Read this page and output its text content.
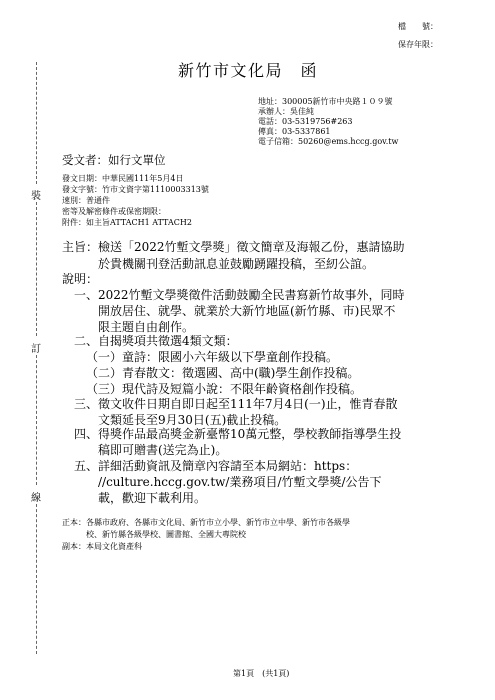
檔　　號：
保存年限：
新竹市文化局　函
地址：300005新竹市中央路１０９號
承辦人：吳佳純
電話：03-5319756#263
傳真：03-5337861
電子信箱：50260@ems.hccg.gov.tw
受文者：如行文單位
發文日期：中華民國111年5月4日
發文字號：竹市文資字第1110003313號
速別：普通件
密等及解密條件或保密期限：
附件：如主旨ATTACH1 ATTACH2
主旨： 檢送「2022竹塹文學獎」徵文簡章及海報乙份，惠請協助
於貴機關刊登活動訊息並鼓勵踴躍投稿，至紉公誼。
說明：
一、2022竹塹文學獎徵件活動鼓勵全民書寫新竹故事外，同時
開放居住、就學、就業於大新竹地區(新竹縣、市)民眾不
限主題自由創作。
二、自揭獎項共徵選4類文類：
（一）童詩：限國小六年級以下學童創作投稿。
（二）青春散文：徵選國、高中(職)學生創作投稿。
（三）現代詩及短篇小說：不限年齡資格創作投稿。
三、徵文收件日期自即日起至111年7月4日(一)止，惟青春散
文類延長至9月30日(五)截止投稿。
四、得獎作品最高獎金新臺幣10萬元整，學校教師指導學生投
稿即可贈書(送完為止)。
五、詳細活動資訊及簡章內容請至本局網站：https：
//culture.hccg.gov.tw/業務項目/竹塹文學獎/公告下
載，歡迎下載利用。
正本：各縣市政府、各縣市文化局、新竹市立小學、新竹市立中學、新竹市各級學
校、新竹縣各級學校、圖書館、全國大專院校
副本：本局文化資產科
裝
訂
線
第1頁　(共1頁)
